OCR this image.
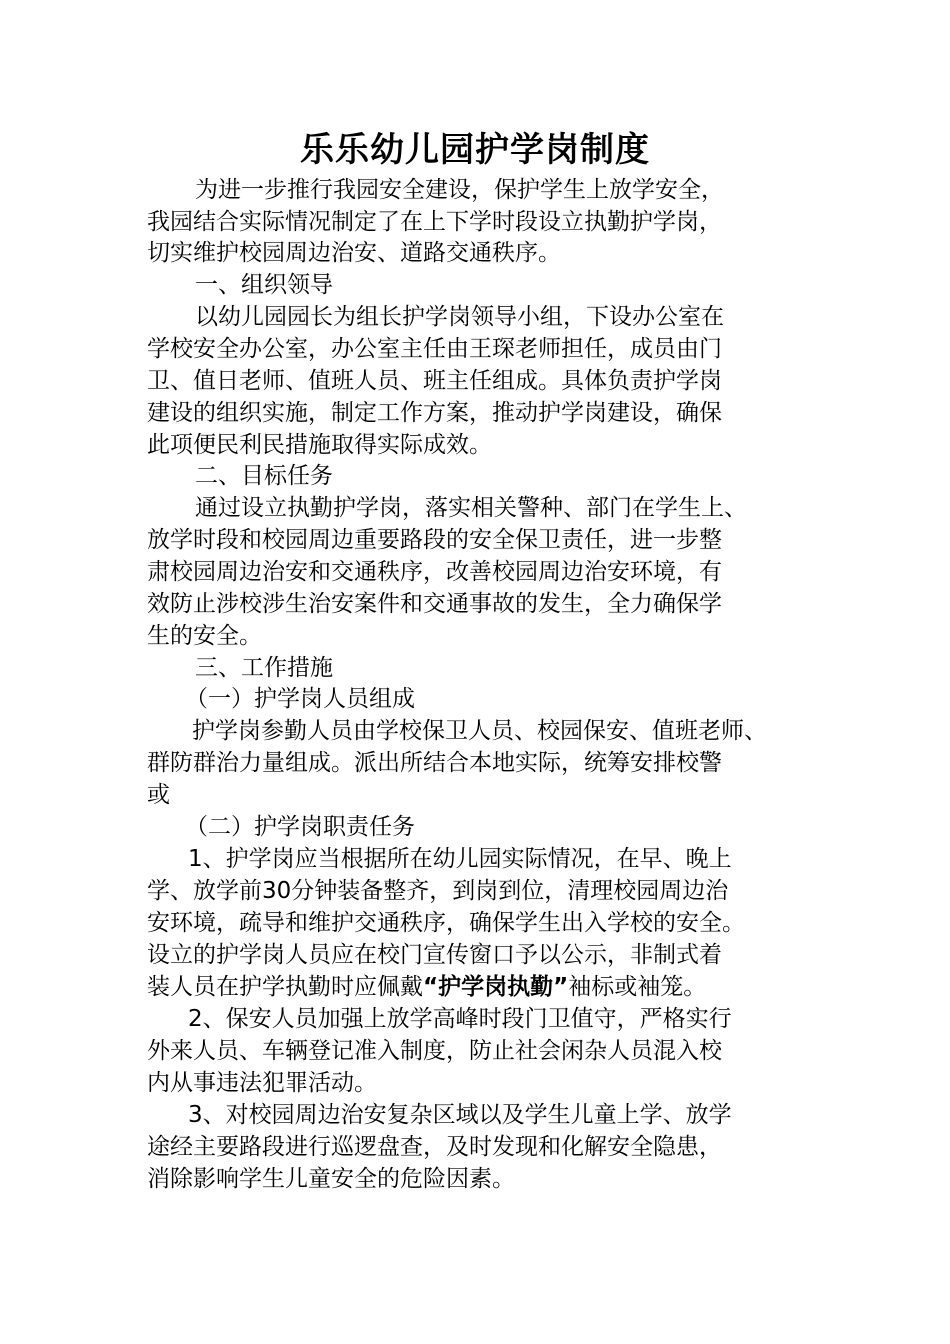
乐乐幼儿园护学岗制度
为进一步推行我园安全建设，保护学生上放学安全，
我园结合实际情况制定了在上下学时段设立执勤护学岗，
切实维护校园周边治安、道路交通秩序。
一、组织领导
以幼儿园园长为组长护学岗领导小组，下设办公室在
学校安全办公室，办公室主任由王琛老师担任，成员由门
卫、值日老师、值班人员、班主任组成。具体负责护学岗
建设的组织实施，制定工作方案，推动护学岗建设，确保
此项便民利民措施取得实际成效。
二、目标任务
通过设立执勤护学岗，落实相关警种、部门在学生上、
放学时段和校园周边重要路段的安全保卫责任，进一步整
肃校园周边治安和交通秩序，改善校园周边治安环境，有
效防止涉校涉生治安案件和交通事故的发生，全力确保学
生的安全。
三、工作措施
（一）护学岗人员组成
护学岗参勤人员由学校保卫人员、校园保安、值班老师、
群防群治力量组成。派出所结合本地实际，统筹安排校警
或
（二）护学岗职责任务
1、护学岗应当根据所在幼儿园实际情况，在早、晚上
学、放学前30分钟装备整齐，到岗到位，清理校园周边治
安环境，疏导和维护交通秩序，确保学生出入学校的安全。
设立的护学岗人员应在校门宣传窗口予以公示，非制式着
装人员在护学执勤时应佩戴“护学岗执勤”袖标或袖笼。
2、保安人员加强上放学高峰时段门卫值守，严格实行
外来人员、车辆登记准入制度，防止社会闲杂人员混入校
内从事违法犯罪活动。
3、对校园周边治安复杂区域以及学生儿童上学、放学
途经主要路段进行巡逻盘查，及时发现和化解安全隐患，
消除影响学生儿童安全的危险因素。
